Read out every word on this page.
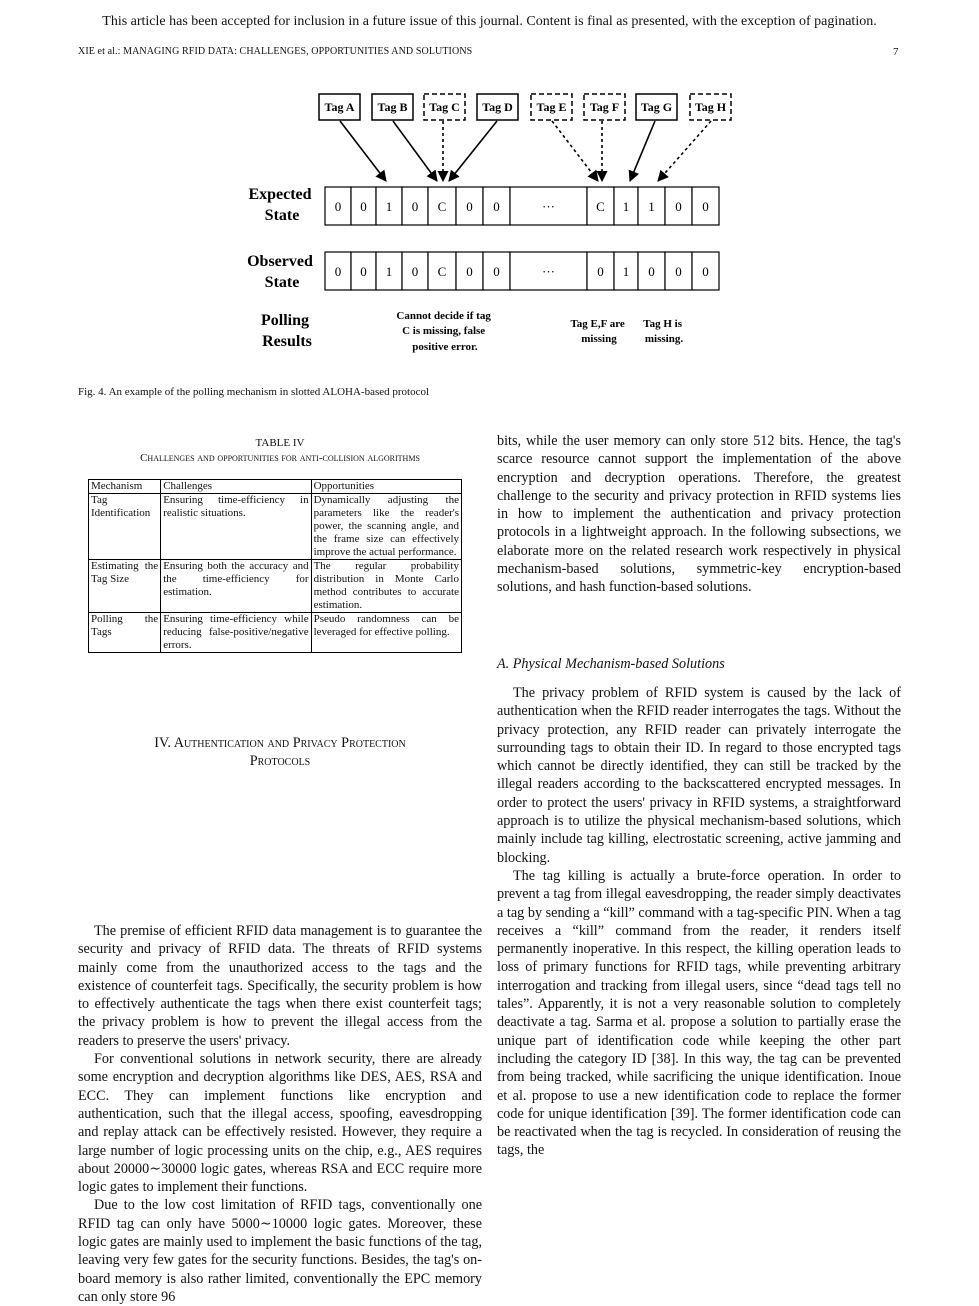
This article has been accepted for inclusion in a future issue of this journal. Content is final as presented, with the exception of pagination.
XIE et al.: MANAGING RFID DATA: CHALLENGES, OPPORTUNITIES AND SOLUTIONS	7
Tag A Tag B Tag C Tag D Tag E Tag F Tag G Tag H
Expected State
Observed State
Polling Results
0 0 1 0 C 0 0	···	C 1 1 0 0
0 0 1 0 C 0 0	···	0 1 0 0 0
Cannot decide if tag C is missing, false positive error.
Tag E,F are missing
Tag H is missing.
Fig. 4. An example of the polling mechanism in slotted ALOHA-based protocol
TABLE IV
Challenges and opportunities for anti-collision algorithms
Mechanism	Challenges	Opportunities
Tag Identification	Ensuring time-efficiency in realistic situations.	Dynamically adjusting the parameters like the reader's power, the scanning angle, and the frame size can effectively improve the actual performance.
Estimating the Tag Size	Ensuring both the accuracy and the time-efficiency for estimation.	The regular probability distribution in Monte Carlo method contributes to accurate estimation.
Polling the Tags	Ensuring time-efficiency while reducing false-positive/negative errors.	Pseudo randomness can be leveraged for effective polling.
IV. Authentication and Privacy Protection
Protocols

The premise of efficient RFID data management is to guarantee the security and privacy of RFID data. The threats of RFID systems mainly come from the unauthorized access to the tags and the existence of counterfeit tags. Specifically, the security problem is how to effectively authenticate the tags when there exist counterfeit tags; the privacy problem is how to prevent the illegal access from the readers to preserve the users' privacy.

For conventional solutions in network security, there are already some encryption and decryption algorithms like DES, AES, RSA and ECC. They can implement functions like encryption and authentication, such that the illegal access, spoofing, eavesdropping and replay attack can be effectively resisted. However, they require a large number of logic processing units on the chip, e.g., AES requires about 20000∼30000 logic gates, whereas RSA and ECC require more logic gates to implement their functions.

Due to the low cost limitation of RFID tags, conventionally one RFID tag can only have 5000∼10000 logic gates. Moreover, these logic gates are mainly used to implement the basic functions of the tag, leaving very few gates for the security functions. Besides, the tag's on-board memory is also rather limited, conventionally the EPC memory can only store 96

bits, while the user memory can only store 512 bits. Hence, the tag's scarce resource cannot support the implementation of the above encryption and decryption operations. Therefore, the greatest challenge to the security and privacy protection in RFID systems lies in how to implement the authentication and privacy protection protocols in a lightweight approach. In the following subsections, we elaborate more on the related research work respectively in physical mechanism-based solutions, symmetric-key encryption-based solutions, and hash function-based solutions.

A. Physical Mechanism-based Solutions

The privacy problem of RFID system is caused by the lack of authentication when the RFID reader interrogates the tags. Without the privacy protection, any RFID reader can privately interrogate the surrounding tags to obtain their ID. In regard to those encrypted tags which cannot be directly identified, they can still be tracked by the illegal readers according to the backscattered encrypted messages. In order to protect the users' privacy in RFID systems, a straightforward approach is to utilize the physical mechanism-based solutions, which mainly include tag killing, electrostatic screening, active jamming and blocking.

The tag killing is actually a brute-force operation. In order to prevent a tag from illegal eavesdropping, the reader simply deactivates a tag by sending a “kill” command with a tag-specific PIN. When a tag receives a “kill” command from the reader, it renders itself permanently inoperative. In this respect, the killing operation leads to loss of primary functions for RFID tags, while preventing arbitrary interrogation and tracking from illegal users, since “dead tags tell no tales”. Apparently, it is not a very reasonable solution to completely deactivate a tag. Sarma et al. propose a solution to partially erase the unique part of identification code while keeping the other part including the category ID [38]. In this way, the tag can be prevented from being tracked, while sacrificing the unique identification. Inoue et al. propose to use a new identification code to replace the former code for unique identification [39]. The former identification code can be reactivated when the tag is recycled. In consideration of reusing the tags, the
